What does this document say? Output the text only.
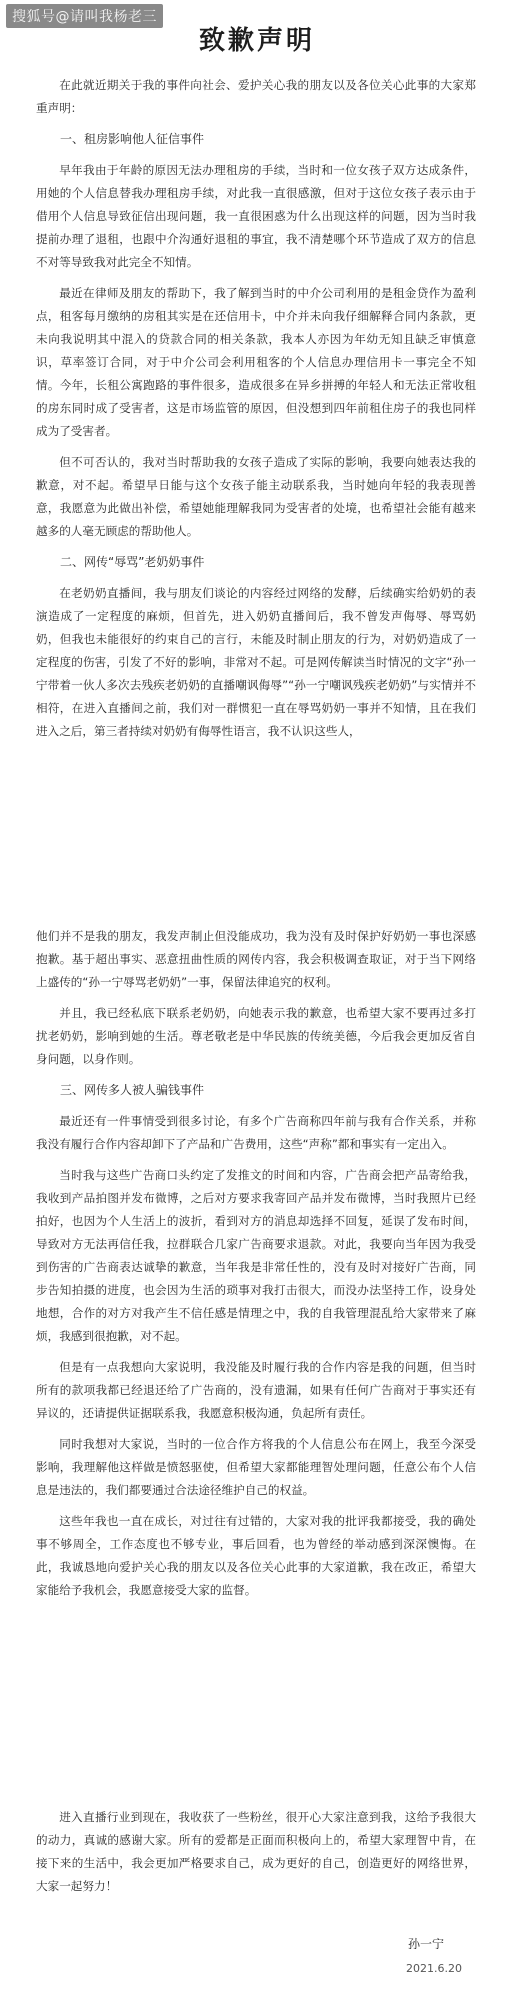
搜狐号@请叫我杨老三
致歉声明

在此就近期关于我的事件向社会、爱护关心我的朋友以及各位关心此事的大家郑重声明：

一、租房影响他人征信事件

早年我由于年龄的原因无法办理租房的手续，当时和一位女孩子双方达成条件，用她的个人信息替我办理租房手续，对此我一直很感激，但对于这位女孩子表示由于借用个人信息导致征信出现问题，我一直很困惑为什么出现这样的问题，因为当时我提前办理了退租，也跟中介沟通好退租的事宜，我不清楚哪个环节造成了双方的信息不对等导致我对此完全不知情。

最近在律师及朋友的帮助下，我了解到当时的中介公司利用的是租金贷作为盈利点，租客每月缴纳的房租其实是在还信用卡，中介并未向我仔细解释合同内条款，更未向我说明其中混入的贷款合同的相关条款，我本人亦因为年幼无知且缺乏审慎意识，草率签订合同，对于中介公司会利用租客的个人信息办理信用卡一事完全不知情。今年，长租公寓跑路的事件很多，造成很多在异乡拼搏的年轻人和无法正常收租的房东同时成了受害者，这是市场监管的原因，但没想到四年前租住房子的我也同样成为了受害者。

但不可否认的，我对当时帮助我的女孩子造成了实际的影响，我要向她表达我的歉意，对不起。希望早日能与这个女孩子能主动联系我，当时她向年轻的我表现善意，我愿意为此做出补偿，希望她能理解我同为受害者的处境，也希望社会能有越来越多的人毫无顾虑的帮助他人。

二、网传“辱骂”老奶奶事件

在老奶奶直播间，我与朋友们谈论的内容经过网络的发酵，后续确实给奶奶的表演造成了一定程度的麻烦，但首先，进入奶奶直播间后，我不曾发声侮辱、辱骂奶奶，但我也未能很好的约束自己的言行，未能及时制止朋友的行为，对奶奶造成了一定程度的伤害，引发了不好的影响，非常对不起。可是网传解读当时情况的文字“孙一宁带着一伙人多次去残疾老奶奶的直播嘲讽侮辱”“孙一宁嘲讽残疾老奶奶”与实情并不相符，在进入直播间之前，我们对一群惯犯一直在辱骂奶奶一事并不知情，且在我们进入之后，第三者持续对奶奶有侮辱性语言，我不认识这些人，

他们并不是我的朋友，我发声制止但没能成功，我为没有及时保护好奶奶一事也深感抱歉。基于超出事实、恶意扭曲性质的网传内容，我会积极调查取证，对于当下网络上盛传的“孙一宁辱骂老奶奶”一事，保留法律追究的权利。

并且，我已经私底下联系老奶奶，向她表示我的歉意，也希望大家不要再过多打扰老奶奶，影响到她的生活。尊老敬老是中华民族的传统美德，今后我会更加反省自身问题，以身作则。

三、网传多人被人骗钱事件

最近还有一件事情受到很多讨论，有多个广告商称四年前与我有合作关系，并称我没有履行合作内容却卸下了产品和广告费用，这些“声称”都和事实有一定出入。

当时我与这些广告商口头约定了发推文的时间和内容，广告商会把产品寄给我，我收到产品拍图并发布微博，之后对方要求我寄回产品并发布微博，当时我照片已经拍好，也因为个人生活上的波折，看到对方的消息却选择不回复，延误了发布时间，导致对方无法再信任我，拉群联合几家广告商要求退款。对此，我要向当年因为我受到伤害的广告商表达诚挚的歉意，当年我是非常任性的，没有及时对接好广告商，同步告知拍摄的进度，也会因为生活的琐事对我打击很大，而没办法坚持工作，设身处地想，合作的对方对我产生不信任感是情理之中，我的自我管理混乱给大家带来了麻烦，我感到很抱歉，对不起。

但是有一点我想向大家说明，我没能及时履行我的合作内容是我的问题，但当时所有的款项我都已经退还给了广告商的，没有遗漏，如果有任何广告商对于事实还有异议的，还请提供证据联系我，我愿意积极沟通，负起所有责任。

同时我想对大家说，当时的一位合作方将我的个人信息公布在网上，我至今深受影响，我理解他这样做是愤怒驱使，但希望大家都能理智处理问题，任意公布个人信息是违法的，我们都要通过合法途径维护自己的权益。

这些年我也一直在成长，对过往有过错的，大家对我的批评我都接受，我的确处事不够周全，工作态度也不够专业，事后回看，也为曾经的举动感到深深懊悔。在此，我诚恳地向爱护关心我的朋友以及各位关心此事的大家道歉，我在改正，希望大家能给予我机会，我愿意接受大家的监督。

进入直播行业到现在，我收获了一些粉丝，很开心大家注意到我，这给予我很大的动力，真诚的感谢大家。所有的爱都是正面而积极向上的，希望大家理智中肯，在接下来的生活中，我会更加严格要求自己，成为更好的自己，创造更好的网络世界，大家一起努力！

孙一宁
2021.6.20
